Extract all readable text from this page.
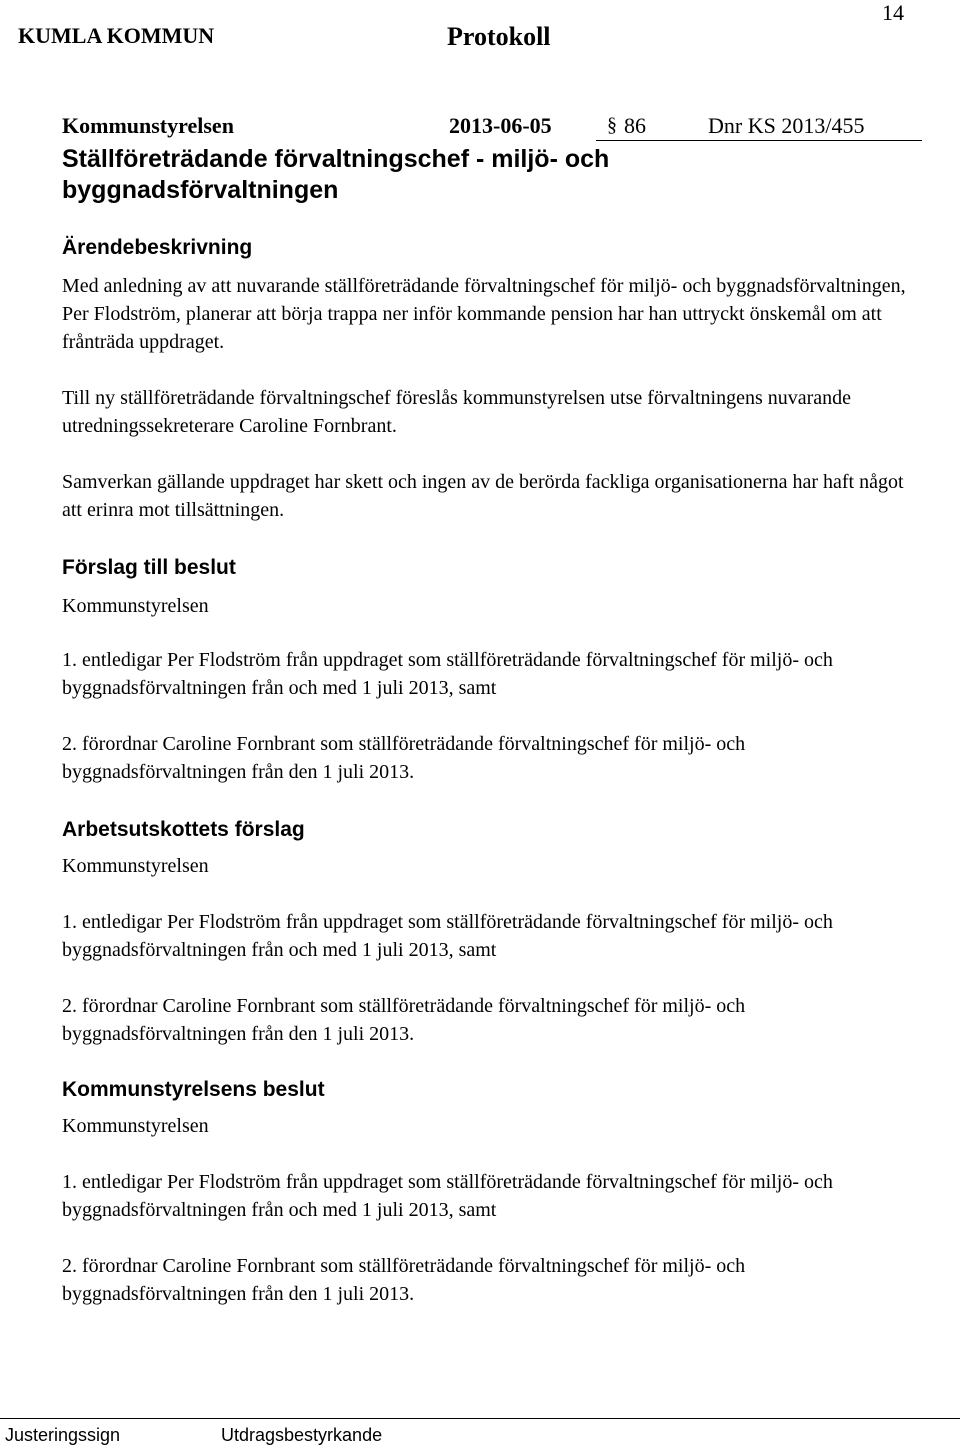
KUMLA KOMMUN	Protokoll
14
Kommunstyrelsen	2013-06-05	§ 86	Dnr KS 2013/455
Ställföreträdande förvaltningschef - miljö- och byggnadsförvaltningen
Ärendebeskrivning
Med anledning av att nuvarande ställföreträdande förvaltningschef för miljö- och byggnadsförvaltningen, Per Flodström, planerar att börja trappa ner inför kommande pension har han uttryckt önskemål om att frånträda uppdraget.
Till ny ställföreträdande förvaltningschef föreslås kommunstyrelsen utse förvaltningens nuvarande utredningssekreterare Caroline Fornbrant.
Samverkan gällande uppdraget har skett och ingen av de berörda fackliga organisationerna har haft något att erinra mot tillsättningen.
Förslag till beslut
Kommunstyrelsen
1. entledigar Per Flodström från uppdraget som ställföreträdande förvaltningschef för miljö- och byggnadsförvaltningen från och med 1 juli 2013, samt
2. förordnar Caroline Fornbrant som ställföreträdande förvaltningschef för miljö- och byggnadsförvaltningen från den 1 juli 2013.
Arbetsutskottets förslag
Kommunstyrelsen
1. entledigar Per Flodström från uppdraget som ställföreträdande förvaltningschef för miljö- och byggnadsförvaltningen från och med 1 juli 2013, samt
2. förordnar Caroline Fornbrant som ställföreträdande förvaltningschef för miljö- och byggnadsförvaltningen från den 1 juli 2013.
Kommunstyrelsens beslut
Kommunstyrelsen
1. entledigar Per Flodström från uppdraget som ställföreträdande förvaltningschef för miljö- och byggnadsförvaltningen från och med 1 juli 2013, samt
2. förordnar Caroline Fornbrant som ställföreträdande förvaltningschef för miljö- och byggnadsförvaltningen från den 1 juli 2013.
Justeringssign	Utdragsbestyrkande
